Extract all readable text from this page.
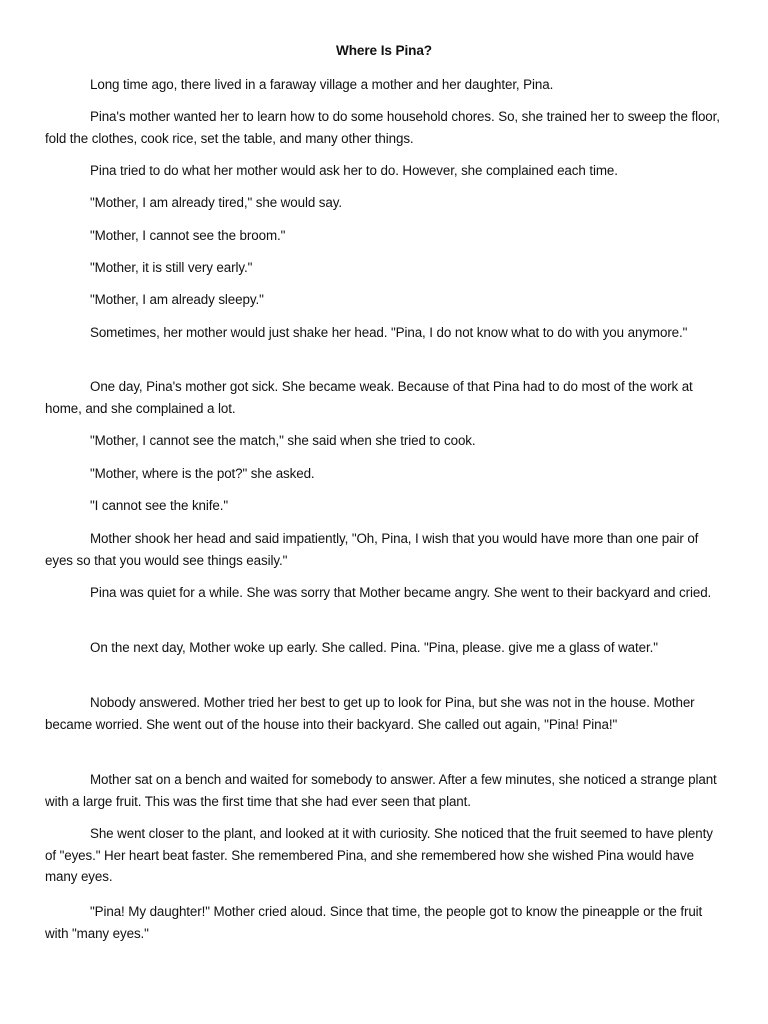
Where Is Pina?

Long time ago, there lived in a faraway village a mother and her daughter, Pina.

Pina's mother wanted her to learn how to do some household chores. So, she trained her to sweep the floor, fold the clothes, cook rice, set the table, and many other things.

Pina tried to do what her mother would ask her to do. However, she complained each time.

"Mother, I am already tired," she would say.

"Mother, I cannot see the broom."

"Mother, it is still very early."

"Mother, I am already sleepy."

Sometimes, her mother would just shake her head. "Pina, I do not know what to do with you anymore."

One day, Pina's mother got sick. She became weak. Because of that Pina had to do most of the work at home, and she complained a lot.

"Mother, I cannot see the match," she said when she tried to cook.

"Mother, where is the pot?" she asked.

"I cannot see the knife."

Mother shook her head and said impatiently, "Oh, Pina, I wish that you would have more than one pair of eyes so that you would see things easily."

Pina was quiet for a while. She was sorry that Mother became angry. She went to their backyard and cried.

On the next day, Mother woke up early. She called. Pina. "Pina, please. give me a glass of water."

Nobody answered. Mother tried her best to get up to look for Pina, but she was not in the house. Mother became worried. She went out of the house into their backyard. She called out again, "Pina! Pina!"

Mother sat on a bench and waited for somebody to answer. After a few minutes, she noticed a strange plant with a large fruit. This was the first time that she had ever seen that plant.

She went closer to the plant, and looked at it with curiosity. She noticed that the fruit seemed to have plenty of "eyes." Her heart beat faster. She remembered Pina, and she remembered how she wished Pina would have many eyes.

"Pina! My daughter!" Mother cried aloud. Since that time, the people got to know the pineapple or the fruit with "many eyes."
